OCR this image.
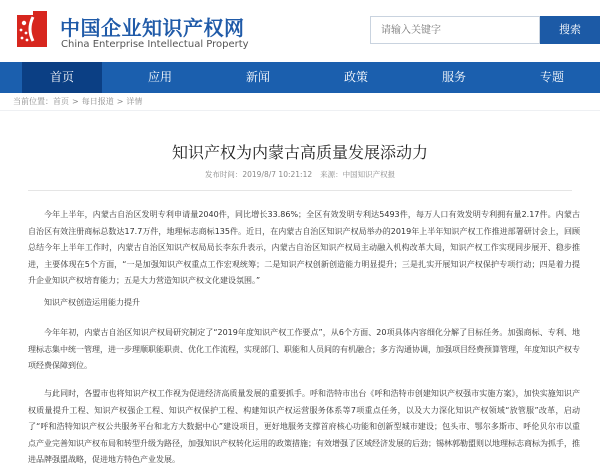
中国企业知识产权网
China Enterprise Intellectual Property
请输入关键字
搜索
首页	应用	新闻	政策	服务	专题
当前位置：首页 > 每日报道 > 详情
知识产权为内蒙古高质量发展添动力
发布时间：2019/8/7 10:21:12 来源：中国知识产权报
今年上半年，内蒙古自治区发明专利申请量2040件，同比增长33.86%；全区有效发明专利达5493件，每万人口有效发明专利拥有量2.17件。内蒙古自治区有效注册商标总数达17.7万件，地理标志商标135件。近日，在内蒙古自治区知识产权局举办的2019年上半年知识产权工作推进部署研讨会上，回顾总结今年上半年工作时，内蒙古自治区知识产权局局长李东升表示，内蒙古自治区知识产权局主动融入机构改革大局，知识产权工作实现同步展开、稳步推进，主要体现在5个方面，“一是加强知识产权重点工作宏观统筹；二是知识产权创新创造能力明显提升；三是扎实开展知识产权保护专项行动；四是着力提升企业知识产权培育能力；五是大力营造知识产权文化建设氛围。”
知识产权创造运用能力提升
今年年初，内蒙古自治区知识产权局研究制定了“2019年度知识产权工作要点”，从6个方面、20项具体内容细化分解了目标任务。加强商标、专利、地理标志集中统一管理，进一步理顺职能职责、优化工作流程，实现部门、职能和人员间的有机融合；多方沟通协调，加强项目经费预算管理，年度知识产权专项经费保障到位。
与此同时，各盟市也将知识产权工作视为促进经济高质量发展的重要抓手。呼和浩特市出台《呼和浩特市创建知识产权强市实施方案》，加快实施知识产权质量提升工程、知识产权强企工程、知识产权保护工程、构建知识产权运营服务体系等7项重点任务，以及大力深化知识产权领域“放管服”改革，启动了“呼和浩特知识产权公共服务平台和北方大数据中心”建设项目，更好地服务支撑首府核心功能和创新型城市建设；包头市、鄂尔多斯市、呼伦贝尔市以重点产业完善知识产权布局和转型升级为路径，加强知识产权转化运用的政策措施；有效增强了区域经济发展的后劲；锡林郭勒盟则以地理标志商标为抓手，推进品牌强盟战略，促进地方特色产业发展。
